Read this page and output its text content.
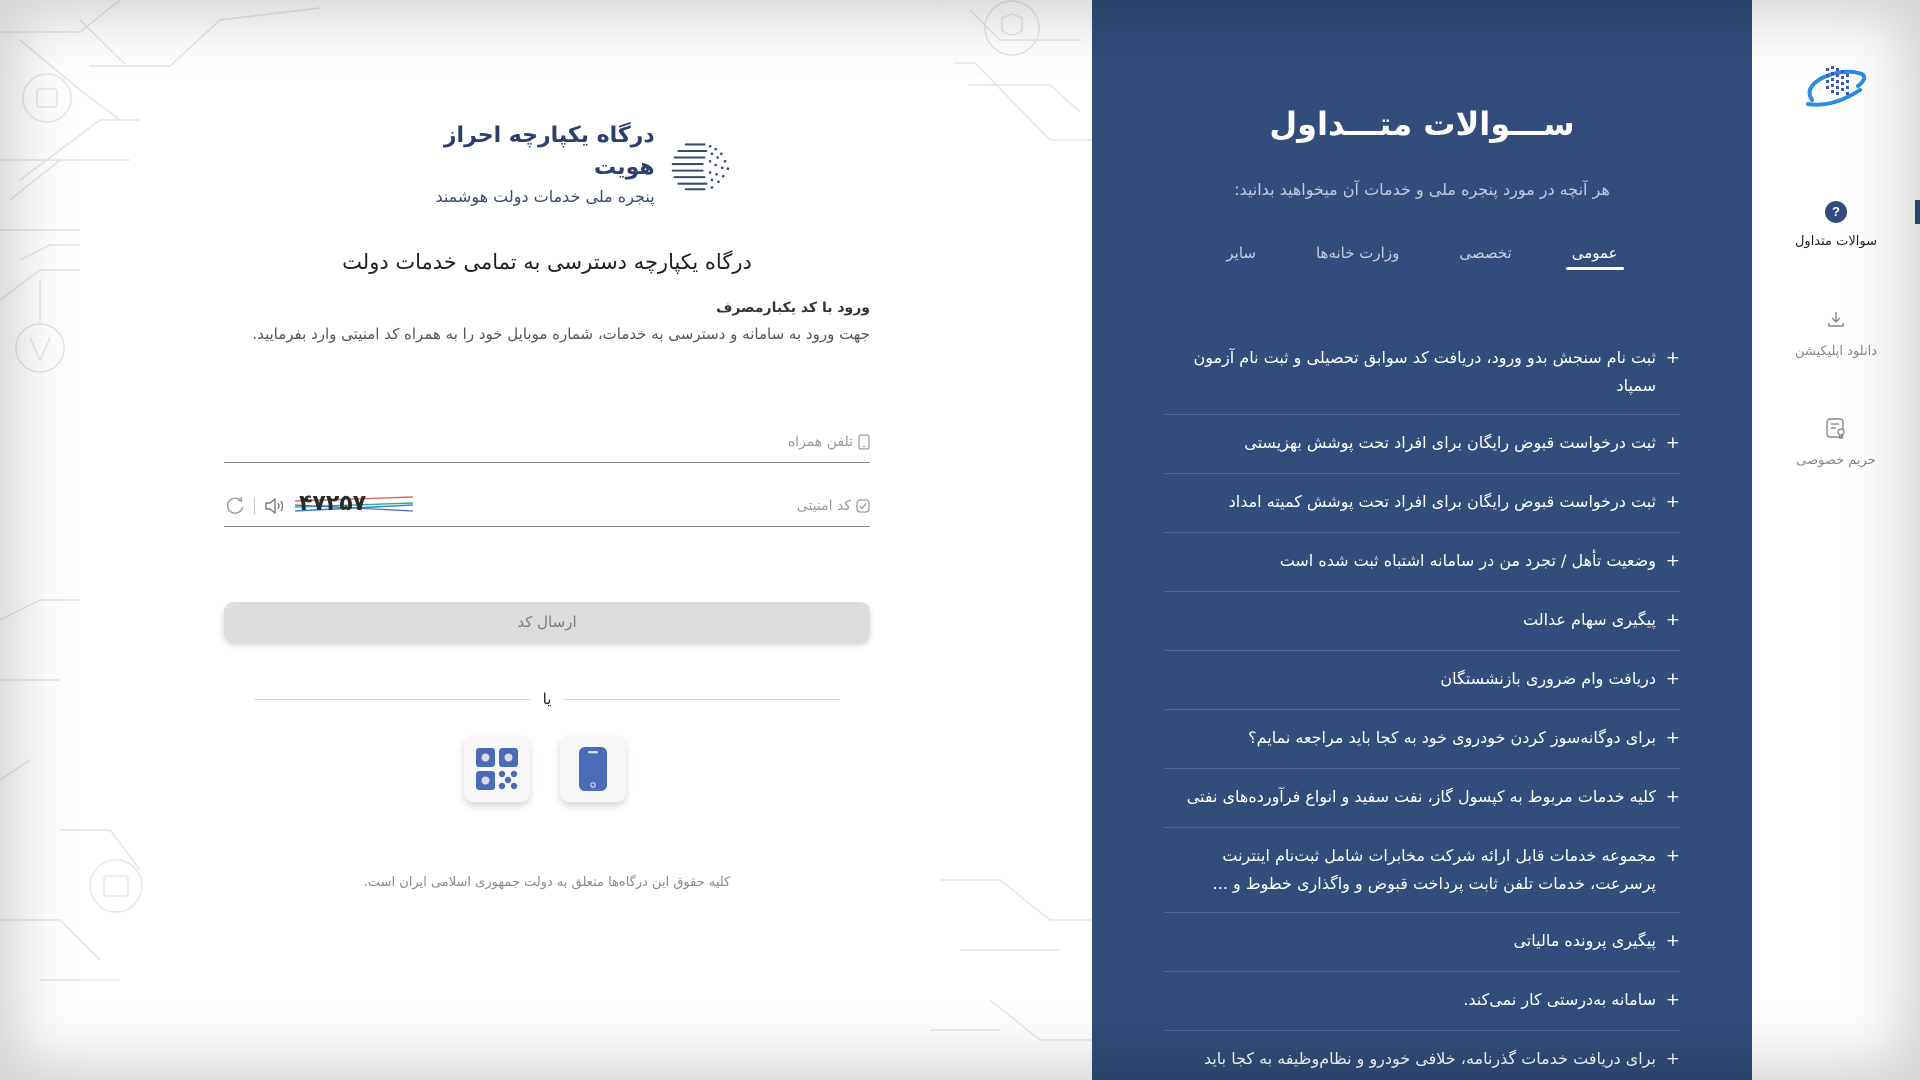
درگاه یکپارچه احراز هویت
پنجره ملی خدمات دولت هوشمند
درگاه یکپارچه دسترسی به تمامی خدمات دولت
ورود با کد یکبارمصرف
جهت ورود به سامانه و دسترسی به خدمات، شماره موبایل خود را به همراه کد امنیتی وارد بفرمایید.
تلفن همراه
کد امنیتی
۴۷۲۵۷
ارسال کد
یا
کلیه حقوق این درگاه‌ها متعلق به دولت جمهوری اسلامی ایران است.
ســـوالات متـــداول
هر آنچه در مورد پنجره ملی و خدمات آن میخواهید بدانید:
عمومی
تخصصی
وزارت خانه‌ها
سایر
+
ثبت نام سنجش بدو ورود، دریافت کد سوابق تحصیلی و ثبت نام آزمون سمپاد
+
ثبت درخواست قبوض رایگان برای افراد تحت پوشش بهزیستی
+
ثبت درخواست قبوض رایگان برای افراد تحت پوشش کمیته امداد
+
وضعیت تأهل / تجرد من در سامانه اشتباه ثبت شده است
+
پیگیری سهام عدالت
+
دریافت وام ضروری بازنشستگان
+
برای دوگانه‌سوز کردن خودروی خود به کجا باید مراجعه نمایم؟
+
کلیه خدمات مربوط به کپسول گاز، نفت سفید و انواع فرآورده‌های نفتی
+
مجموعه خدمات قابل ارائه شرکت مخابرات شامل ثبت‌نام اینترنت پرسرعت، خدمات تلفن ثابت پرداخت قبوض و واگذاری خطوط و ...
+
پیگیری پرونده مالیاتی
+
سامانه به‌درستی کار نمی‌کند.
+
برای دریافت خدمات گذرنامه، خلافی خودرو و نظام‌وظیفه به کجا باید
?
سوالات متداول
دانلود اپلیکیشن
حریم خصوصی
